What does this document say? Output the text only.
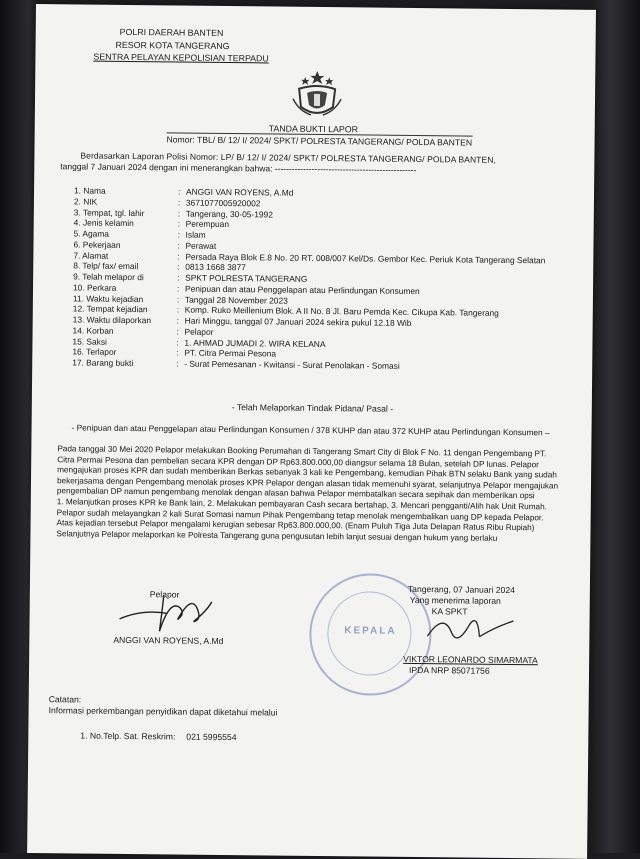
POLRI DAERAH BANTEN
RESOR KOTA TANGERANG
SENTRA PELAYAN KEPOLISIAN TERPADU
TANDA BUKTI LAPOR
Nomor: TBL/ B/ 12/ I/ 2024/ SPKT/ POLRESTA TANGERANG/ POLDA BANTEN
Berdasarkan Laporan Polisi Nomor: LP/ B/ 12/ I/ 2024/ SPKT/ POLRESTA TANGERANG/ POLDA BANTEN,
tanggal 7 Januari 2024 dengan ini menerangkan bahwa: --------------------------------------------------
1. Nama	: ANGGI VAN ROYENS, A.Md
2. NIK	: 3671077005920002
3. Tempat, tgl. lahir	: Tangerang, 30-05-1992
4. Jenis kelamin	: Perempuan
5. Agama	: Islam
6. Pekerjaan	: Perawat
7. Alamat	: Persada Raya Blok E.8 No. 20 RT. 008/007 Kel/Ds. Gembor Kec. Periuk Kota Tangerang Selatan
8. Telp/ fax/ email	: 0813 1668 3877
9. Telah melapor di	: SPKT POLRESTA TANGERANG
10. Perkara	: Penipuan dan atau Penggelapan atau Perlindungan Konsumen
11. Waktu kejadian	: Tanggal 28 November 2023
12. Tempat kejadian	: Komp. Ruko Meillenium Blok. A II No. 8 Jl. Baru Pemda Kec. Cikupa Kab. Tangerang
13. Waktu dilaporkan	: Hari Minggu, tanggal 07 Januari 2024 sekira pukul 12.18 Wib
14. Korban	: Pelapor
15. Saksi	: 1. AHMAD JUMADI 2. WIRA KELANA
16. Terlapor	: PT. Citra Permai Pesona
17. Barang bukti	: - Surat Pemesanan - Kwitansi - Surat Penolakan - Somasi
- Telah Melaporkan Tindak Pidana/ Pasal -
- Penipuan dan atau Penggelapan atau Perlindungan Konsumen / 378 KUHP dan atau 372 KUHP atau Perlindungan Konsumen –
Pada tanggal 30 Mei 2020 Pelapor melakukan Booking Perumahan di Tangerang Smart City di Blok F No. 11 dengan Pengembang PT.
Citra Permai Pesona dan pembelian secara KPR dengan DP Rp63.800.000,00 diangsur selama 18 Bulan, setelah DP lunas. Pelapor
mengajukan proses KPR dan sudah memberikan Berkas sebanyak 3 kali ke Pengembang, kemudian Pihak BTN selaku Bank yang sudah
bekerjasama dengan Pengembang menolak proses KPR Pelapor dengan alasan tidak memenuhi syarat, selanjutnya Pelapor mengajukan
pengembalian DP namun pengembang menolak dengan alasan bahwa Pelapor membatalkan secara sepihak dan memberikan opsi
1. Melanjutkan proses KPR ke Bank lain, 2. Melakukan pembayaran Cash secara bertahap, 3. Mencari pengganti/Alih hak Unit Rumah.
Pelapor sudah melayangkan 2 kali Surat Somasi namun Pihak Pengembang tetap menolak mengembalikan uang DP kepada Pelapor.
Atas kejadian tersebut Pelapor mengalami kerugian sebesar Rp63.800.000,00. (Enam Puluh Tiga Juta Delapan Ratus Ribu Rupiah)
Selanjutnya Pelapor melaporkan ke Polresta Tangerang guna pengusutan lebih lanjut sesuai dengan hukum yang berlaku
Pelapor
ANGGI VAN ROYENS, A.Md
KEPALA
Tangerang, 07 Januari 2024
Yang menerima laporan
KA SPKT
VIKTOR LEONARDO SIMARMATA
IPDA NRP 85071756
Catatan:
Informasi perkembangan penyidikan dapat diketahui melalui
1. No.Telp. Sat. Reskrim: 021 5995554
